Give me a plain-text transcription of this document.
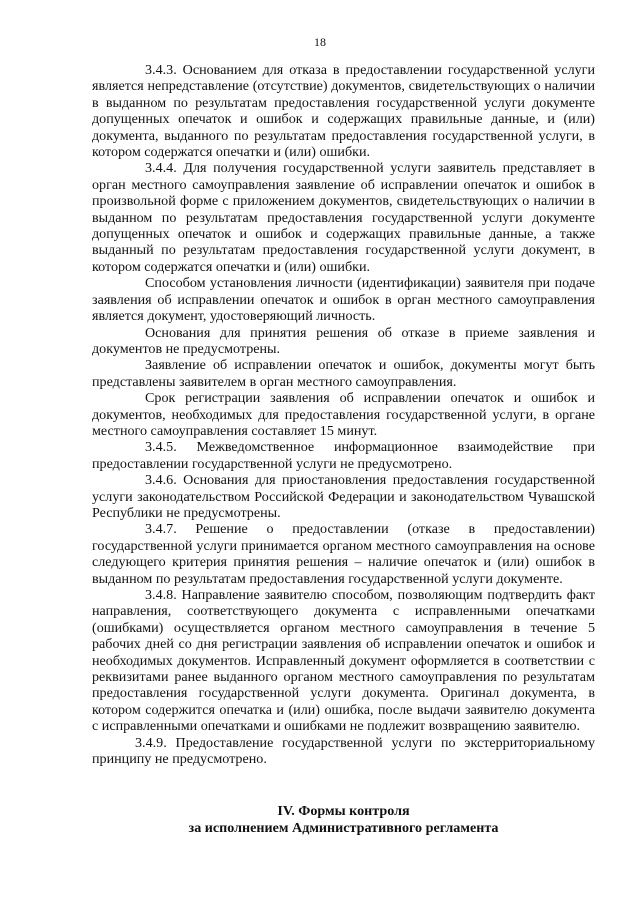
18

3.4.3. Основанием для отказа в предоставлении государственной услуги является непредставление (отсутствие) документов, свидетельствующих о наличии в выданном по результатам предоставления государственной услуги документе допущенных опечаток и ошибок и содержащих правильные данные, и (или) документа, выданного по результатам предоставления государственной услуги, в котором содержатся опечатки и (или) ошибки.

3.4.4. Для получения государственной услуги заявитель представляет в орган местного самоуправления заявление об исправлении опечаток и ошибок в произвольной форме с приложением документов, свидетельствующих о наличии в выданном по результатам предоставления государственной услуги документе допущенных опечаток и ошибок и содержащих правильные данные, а также выданный по результатам предоставления государственной услуги документ, в котором содержатся опечатки и (или) ошибки.

Способом установления личности (идентификации) заявителя при подаче заявления об исправлении опечаток и ошибок в орган местного самоуправления является документ, удостоверяющий личность.

Основания для принятия решения об отказе в приеме заявления и документов не предусмотрены.

Заявление об исправлении опечаток и ошибок, документы могут быть представлены заявителем в орган местного самоуправления.

Срок регистрации заявления об исправлении опечаток и ошибок и документов, необходимых для предоставления государственной услуги, в органе местного самоуправления составляет 15 минут.

3.4.5. Межведомственное информационное взаимодействие при предоставлении государственной услуги не предусмотрено.

3.4.6. Основания для приостановления предоставления государственной услуги законодательством Российской Федерации и законодательством Чувашской Республики не предусмотрены.

3.4.7. Решение о предоставлении (отказе в предоставлении) государственной услуги принимается органом местного самоуправления на основе следующего критерия принятия решения – наличие опечаток и (или) ошибок в выданном по результатам предоставления государственной услуги документе.

3.4.8. Направление заявителю способом, позволяющим подтвердить факт направления, соответствующего документа с исправленными опечатками (ошибками) осуществляется органом местного самоуправления в течение 5 рабочих дней со дня регистрации заявления об исправлении опечаток и ошибок и необходимых документов. Исправленный документ оформляется в соответствии с реквизитами ранее выданного органом местного самоуправления по результатам предоставления государственной услуги документа. Оригинал документа, в котором содержится опечатка и (или) ошибка, после выдачи заявителю документа с исправленными опечатками и ошибками не подлежит возвращению заявителю.

3.4.9. Предоставление государственной услуги по экстерриториальному принципу не предусмотрено.

IV. Формы контроля
за исполнением Административного регламента
